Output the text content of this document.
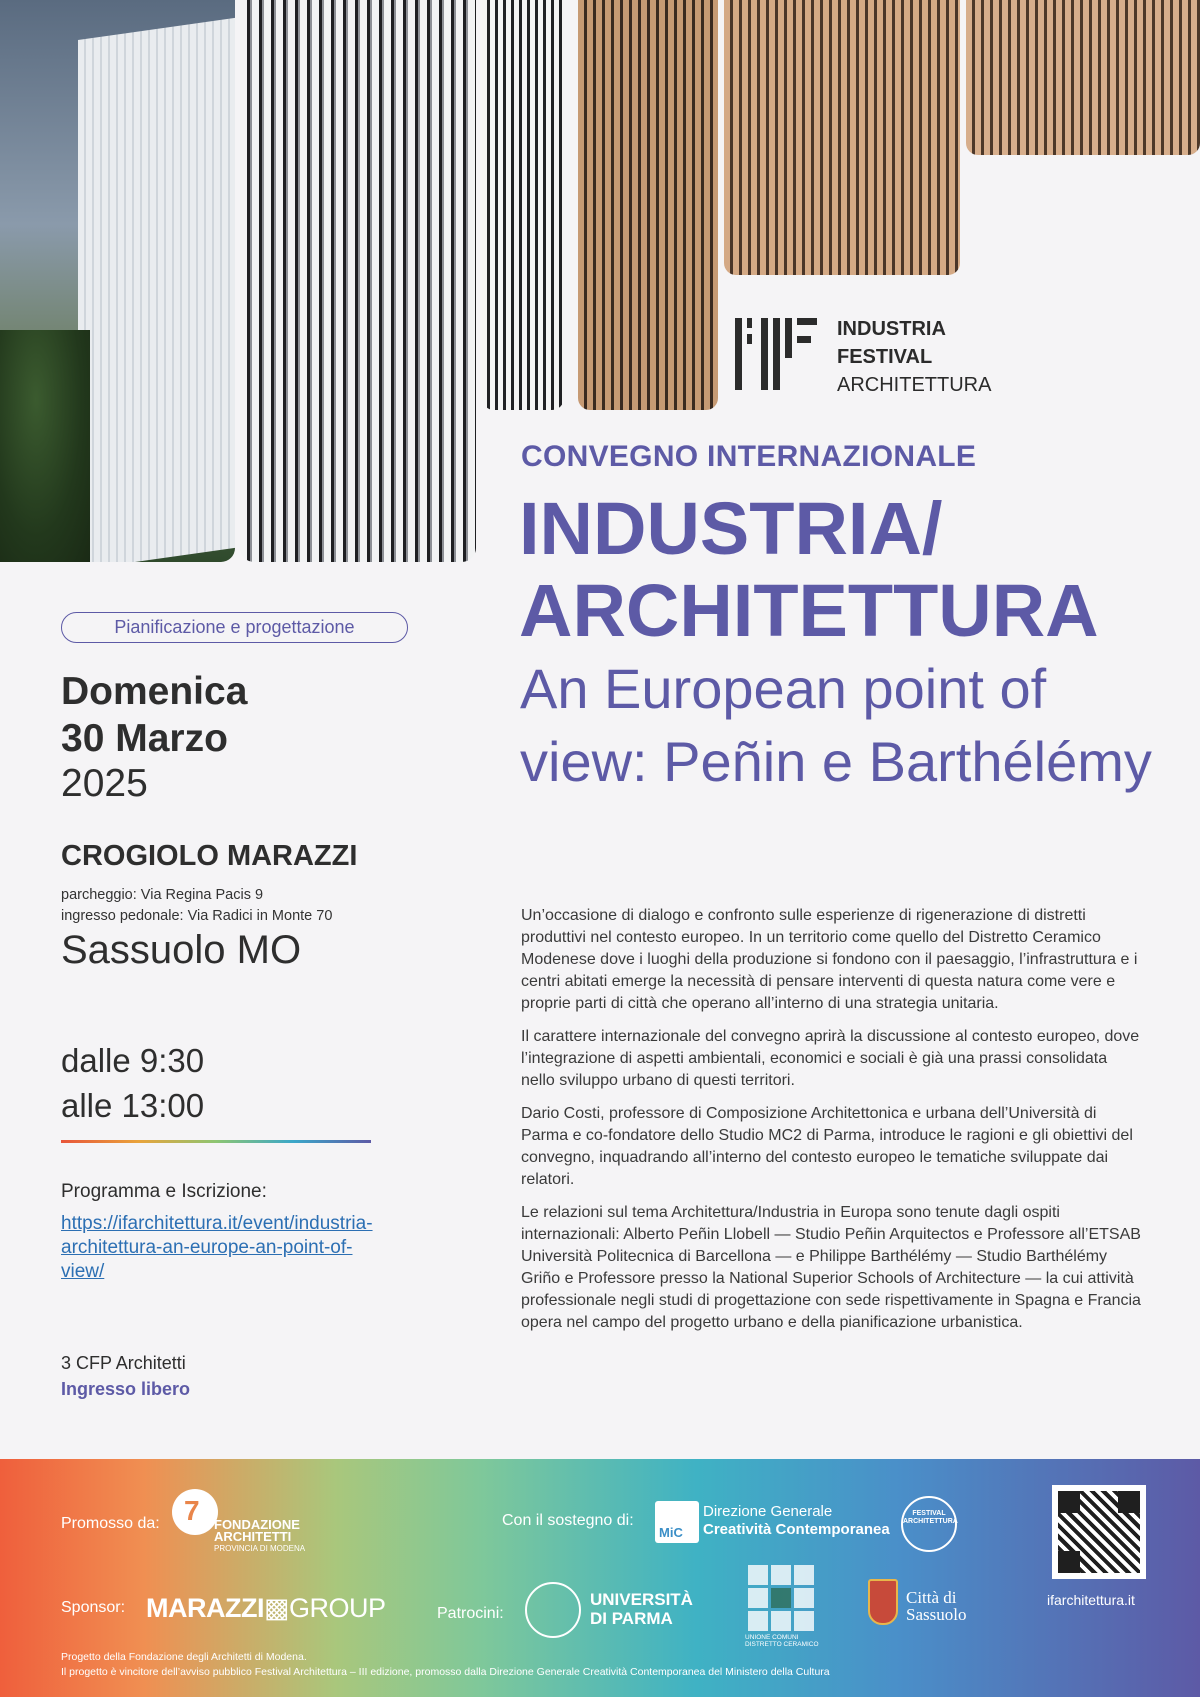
INDUSTRIA
FESTIVAL
ARCHITETTURA
CONVEGNO INTERNAZIONALE
INDUSTRIA/ ARCHITETTURA
An European point of view: Peñin e Barthélémy

Un’occasione di dialogo e confronto sulle esperienze di rigenerazione di distretti produttivi nel contesto europeo. In un territorio come quello del Distretto Ceramico Modenese dove i luoghi della produzione si fondono con il paesaggio, l’infrastruttura e i centri abitati emerge la necessità di pensare interventi di questa natura come vere e proprie parti di città che operano all’interno di una strategia unitaria.

Il carattere internazionale del convegno aprirà la discussione al contesto europeo, dove l’integrazione di aspetti ambientali, economici e sociali è già una prassi consolidata nello sviluppo urbano di questi territori.

Dario Costi, professore di Composizione Architettonica e urbana dell’Università di Parma e co-fondatore dello Studio MC2 di Parma, introduce le ragioni e gli obiettivi del convegno, inquadrando all’interno del contesto europeo le tematiche sviluppate dai relatori.

Le relazioni sul tema Architettura/Industria in Europa sono tenute dagli ospiti internazionali: Alberto Peñin Llobell — Studio Peñin Arquitectos e Professore all’ETSAB Università Politecnica di Barcellona — e Philippe Barthélémy — Studio Barthélémy Griño e Professore presso la National Superior Schools of Architecture — la cui attività professionale negli studi di progettazione con sede rispettivamente in Spagna e Francia opera nel campo del progetto urbano e della pianificazione urbanistica.

Pianificazione e progettazione
Domenica
30 Marzo
2025
CROGIOLO MARAZZI
parcheggio: Via Regina Pacis 9
ingresso pedonale: Via Radici in Monte 70
Sassuolo MO
dalle 9:30
alle 13:00
Programma e Iscrizione:
https://ifarchitettura.it/event/industria-architettura-an-europe-an-point-of-view/
3 CFP Architetti
Ingresso libero
Promosso da: 7 FONDAZIONE ARCHITETTI
PROVINCIA DI MODENA
Con il sostegno di:
MiC
Direzione Generale
Creatività Contemporanea
FESTIVAL ARCHITETTURA
ifarchitettura.it
Sponsor: MARAZZI▩GROUP	Patrocini:
UNIVERSITÀ DI PARMA
UNIONE COMUNI DISTRETTO CERAMICO
Città di Sassuolo
Progetto della Fondazione degli Architetti di Modena.
Il progetto è vincitore dell’avviso pubblico Festival Architettura – III edizione, promosso dalla Direzione Generale Creatività Contemporanea del Ministero della Cultura
